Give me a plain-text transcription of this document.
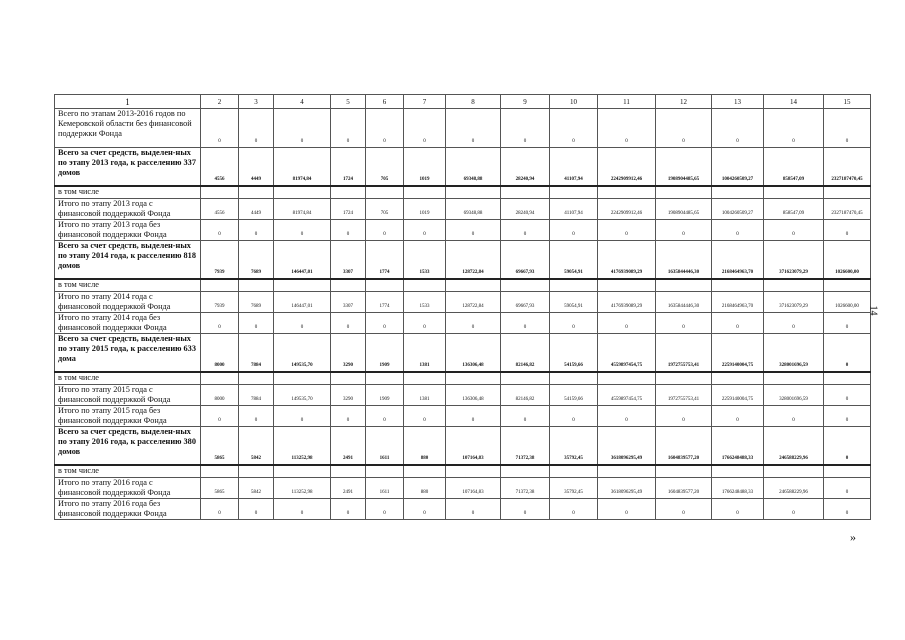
1	2	3	4	5	6	7	8	9	10	11	12	13	14	15
Всего по этапам 2013-2016 годов по Кемеровской области без финансовой поддержки Фонда	0	0	0	0	0	0	0	0	0	0	0	0	0	0
Всего за счет средств, выделен-ных по этапу 2013 года, к расселению 337 домов	4556	4449	81974,84	1724	705	1019	69348,88	28240,94	41107,94	2242909912,46	1908904485,65	1004260509,27	858547,09	2327187470,45
в том числе														
Итого по этапу 2013 года с финансовой поддержкой Фонда	4556	4449	81974,84	1724	705	1019	69348,88	28240,94	41107,94	2242909912,46	1908904485,65	1004260509,27	858547,09	2327187470,45
Итого по этапу 2013 года без финансовой поддержки Фонда	0	0	0	0	0	0	0	0	0	0	0	0	0	0
Всего за счет средств, выделен-ных по этапу 2014 года, к расселению 818 домов	7939	7689	146447,01	3307	1774	1533	128722,84	69667,93	59054,91	4176939089,29	1635844446,30	2168464963,70	371623079,29	1026600,00
в том числе														
Итого по этапу 2014 года с финансовой поддержкой Фонда	7939	7689	146447,01	3307	1774	1533	128722,84	69667,93	59054,91	4176939089,29	1635844446,30	2168464963,70	371623079,29	1026600,00
Итого по этапу 2014 года без финансовой поддержки Фонда	0	0	0	0	0	0	0	0	0	0	0	0	0	0
Всего за счет средств, выделен-ных по этапу 2015 года, к расселению 633 дома	8000	7884	149535,70	3290	1909	1381	136306,48	82146,82	54159,66	4559897454,75	1972755753,41	2259140004,75	328001696,59	0
в том числе														
Итого по этапу 2015 года с финансовой поддержкой Фонда	8000	7884	149535,70	3290	1909	1381	136306,48	82146,82	54159,66	4559897454,75	1972755753,41	2259140004,75	328001696,59	0
Итого по этапу 2015 года без финансовой поддержки Фонда	0	0	0	0	0	0	0	0	0	0	0	0	0	0
Всего за счет средств, выделен-ных по этапу 2016 года, к расселению 380 домов	5865	5842	113252,98	2491	1611	880	107164,83	71372,38	35792,45	3618096295,49	1604839577,20	1766248488,33	246588229,96	0
в том числе														
Итого по этапу 2016 года с финансовой поддержкой Фонда	5865	5842	113252,98	2491	1611	880	107164,83	71372,38	35792,45	3618096295,49	1604839577,20	1766248488,33	246588229,96	0
Итого по этапу 2016 года без финансовой поддержки Фонда	0	0	0	0	0	0	0	0	0	0	0	0	0	0
14
»
